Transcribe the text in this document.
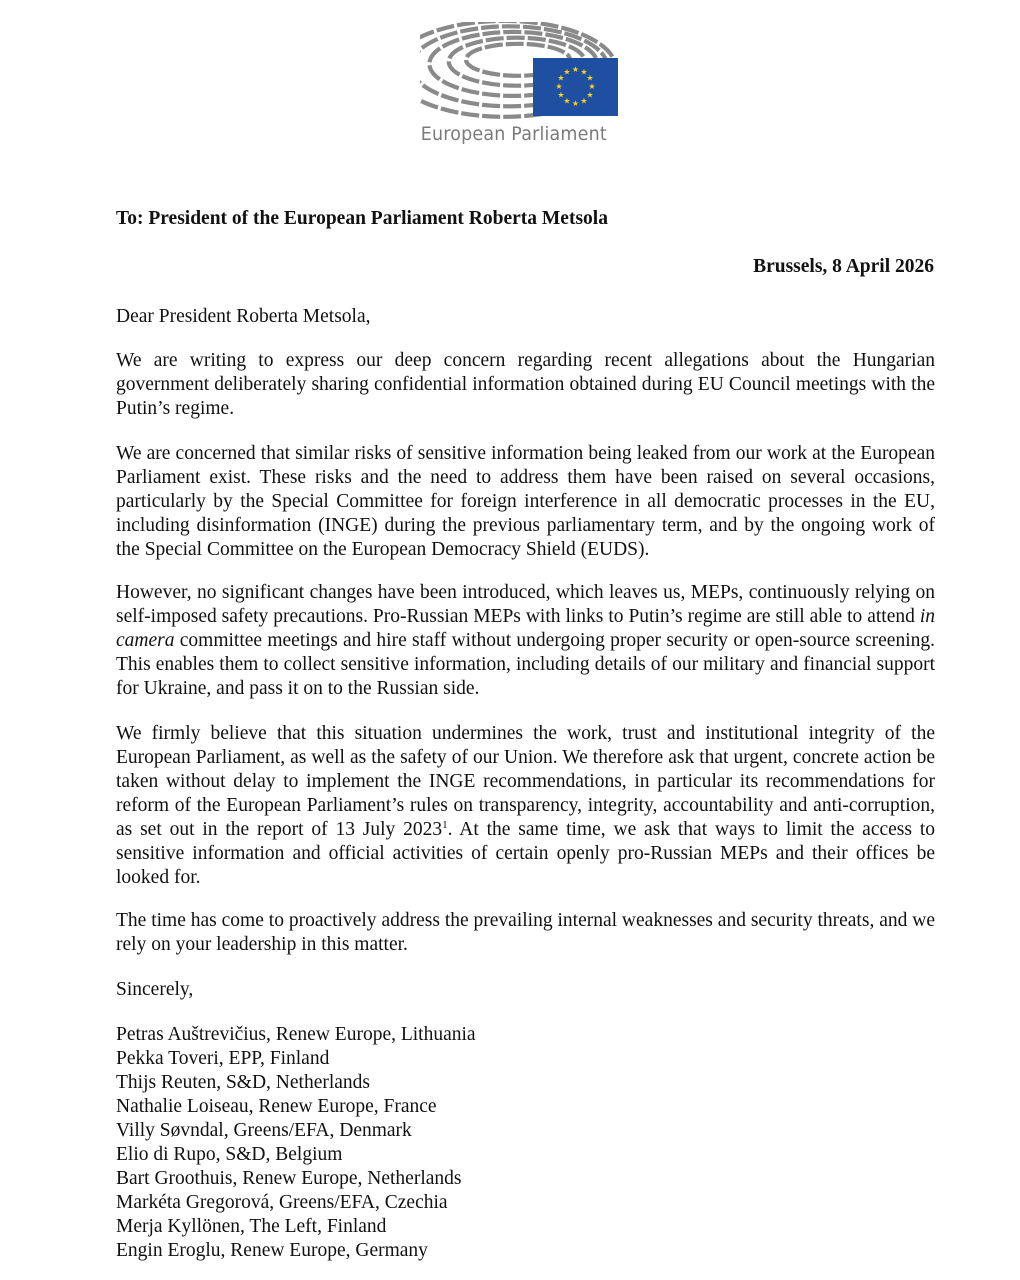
★ ★
★
★
★
★
★
★
★
★
★
★
European Parliament
To: President of the European Parliament Roberta Metsola
Brussels, 8 April 2026
Dear President Roberta Metsola,

We are writing to express our deep concern regarding recent allegations about the Hungarian government deliberately sharing confidential information obtained during EU Council meetings with the Putin’s regime.

We are concerned that similar risks of sensitive information being leaked from our work at the European Parliament exist. These risks and the need to address them have been raised on several occasions, particularly by the Special Committee for foreign interference in all democratic processes in the EU, including disinformation (INGE) during the previous parliamentary term, and by the ongoing work of the Special Committee on the European Democracy Shield (EUDS).

However, no significant changes have been introduced, which leaves us, MEPs, continuously relying on self-imposed safety precautions. Pro-Russian MEPs with links to Putin’s regime are still able to attend in camera committee meetings and hire staff without undergoing proper security or open-source screening. This enables them to collect sensitive information, including details of our military and financial support for Ukraine, and pass it on to the Russian side.

We firmly believe that this situation undermines the work, trust and institutional integrity of the European Parliament, as well as the safety of our Union. We therefore ask that urgent, concrete action be taken without delay to implement the INGE recommendations, in particular its recommendations for reform of the European Parliament’s rules on transparency, integrity, accountability and anti-corruption, as set out in the report of 13 July 2023$^1$. At the same time, we ask that ways to limit the access to sensitive information and official activities of certain openly pro-Russian MEPs and their offices be looked for.

The time has come to proactively address the prevailing internal weaknesses and security threats, and we rely on your leadership in this matter.

Sincerely,
Petras Auštrevičius, Renew Europe, Lithuania
Pekka Toveri, EPP, Finland
Thijs Reuten, S&D, Netherlands
Nathalie Loiseau, Renew Europe, France
Villy Søvndal, Greens/EFA, Denmark
Elio di Rupo, S&D, Belgium
Bart Groothuis, Renew Europe, Netherlands
Markéta Gregorová, Greens/EFA, Czechia
Merja Kyllönen, The Left, Finland
Engin Eroglu, Renew Europe, Germany
